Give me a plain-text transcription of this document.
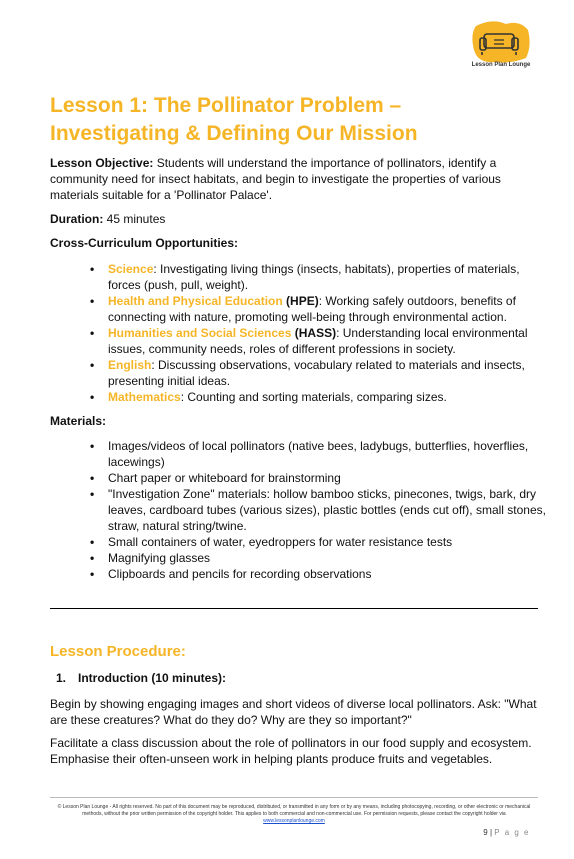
Lesson Plan Lounge
Lesson 1: The Pollinator Problem –
Investigating & Defining Our Mission

Lesson Objective: Students will understand the importance of pollinators, identify a community need for insect habitats, and begin to investigate the properties of various materials suitable for a 'Pollinator Palace'.

Duration: 45 minutes

Cross-Curriculum Opportunities:

• Science: Investigating living things (insects, habitats), properties of materials, forces (push, pull, weight).
• Health and Physical Education (HPE): Working safely outdoors, benefits of connecting with nature, promoting well-being through environmental action.
• Humanities and Social Sciences (HASS): Understanding local environmental issues, community needs, roles of different professions in society.
• English: Discussing observations, vocabulary related to materials and insects, presenting initial ideas.
• Mathematics: Counting and sorting materials, comparing sizes.

Materials:

• Images/videos of local pollinators (native bees, ladybugs, butterflies, hoverflies, lacewings)
• Chart paper or whiteboard for brainstorming
• "Investigation Zone" materials: hollow bamboo sticks, pinecones, twigs, bark, dry leaves, cardboard tubes (various sizes), plastic bottles (ends cut off), small stones, straw, natural string/twine.
• Small containers of water, eyedroppers for water resistance tests
• Magnifying glasses
• Clipboards and pencils for recording observations
Lesson Procedure:
1. Introduction (10 minutes):

Begin by showing engaging images and short videos of diverse local pollinators. Ask: "What are these creatures? What do they do? Why are they so important?"

Facilitate a class discussion about the role of pollinators in our food supply and ecosystem. Emphasise their often-unseen work in helping plants produce fruits and vegetables.

© Lesson Plan Lounge - All rights reserved. No part of this document may be reproduced, distributed, or transmitted in any form or by any means, including photocopying, recording, or other electronic or mechanical methods, without the prior written permission of the copyright holder. This applies to both commercial and non-commercial use. For permission requests, please contact the copyright holder via
www.lessonplanlounge.com
9 | P a g e
